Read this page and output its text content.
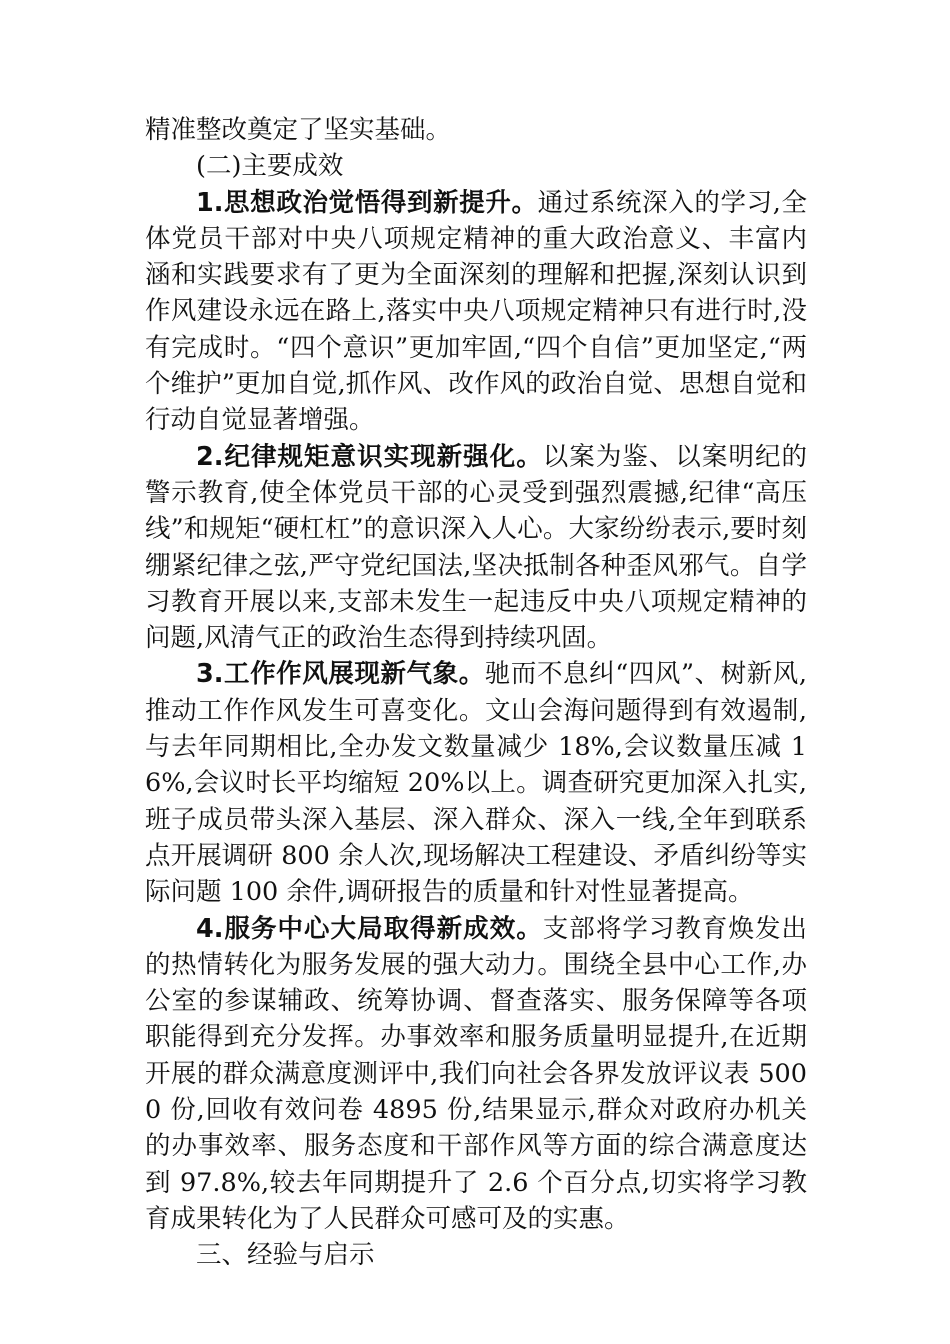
精准整改奠定了坚实基础。

(二)主要成效

1.思想政治觉悟得到新提升。通过系统深入的学习,全体党员干部对中央八项规定精神的重大政治意义、丰富内涵和实践要求有了更为全面深刻的理解和把握,深刻认识到作风建设永远在路上,落实中央八项规定精神只有进行时,没有完成时。“四个意识”更加牢固,“四个自信”更加坚定,“两个维护”更加自觉,抓作风、改作风的政治自觉、思想自觉和行动自觉显著增强。

2.纪律规矩意识实现新强化。以案为鉴、以案明纪的警示教育,使全体党员干部的心灵受到强烈震撼,纪律“高压线”和规矩“硬杠杠”的意识深入人心。大家纷纷表示,要时刻绷紧纪律之弦,严守党纪国法,坚决抵制各种歪风邪气。自学习教育开展以来,支部未发生一起违反中央八项规定精神的问题,风清气正的政治生态得到持续巩固。

3.工作作风展现新气象。驰而不息纠“四风”、树新风,推动工作作风发生可喜变化。文山会海问题得到有效遏制,与去年同期相比,全办发文数量减少 18%,会议数量压减 16%,会议时长平均缩短 20%以上。调查研究更加深入扎实,班子成员带头深入基层、深入群众、深入一线,全年到联系点开展调研 800 余人次,现场解决工程建设、矛盾纠纷等实际问题 100 余件,调研报告的质量和针对性显著提高。

4.服务中心大局取得新成效。支部将学习教育焕发出的热情转化为服务发展的强大动力。围绕全县中心工作,办公室的参谋辅政、统筹协调、督查落实、服务保障等各项职能得到充分发挥。办事效率和服务质量明显提升,在近期开展的群众满意度测评中,我们向社会各界发放评议表 5000 份,回收有效问卷 4895 份,结果显示,群众对政府办机关的办事效率、服务态度和干部作风等方面的综合满意度达到 97.8%,较去年同期提升了 2.6 个百分点,切实将学习教育成果转化为了人民群众可感可及的实惠。

三、经验与启示
